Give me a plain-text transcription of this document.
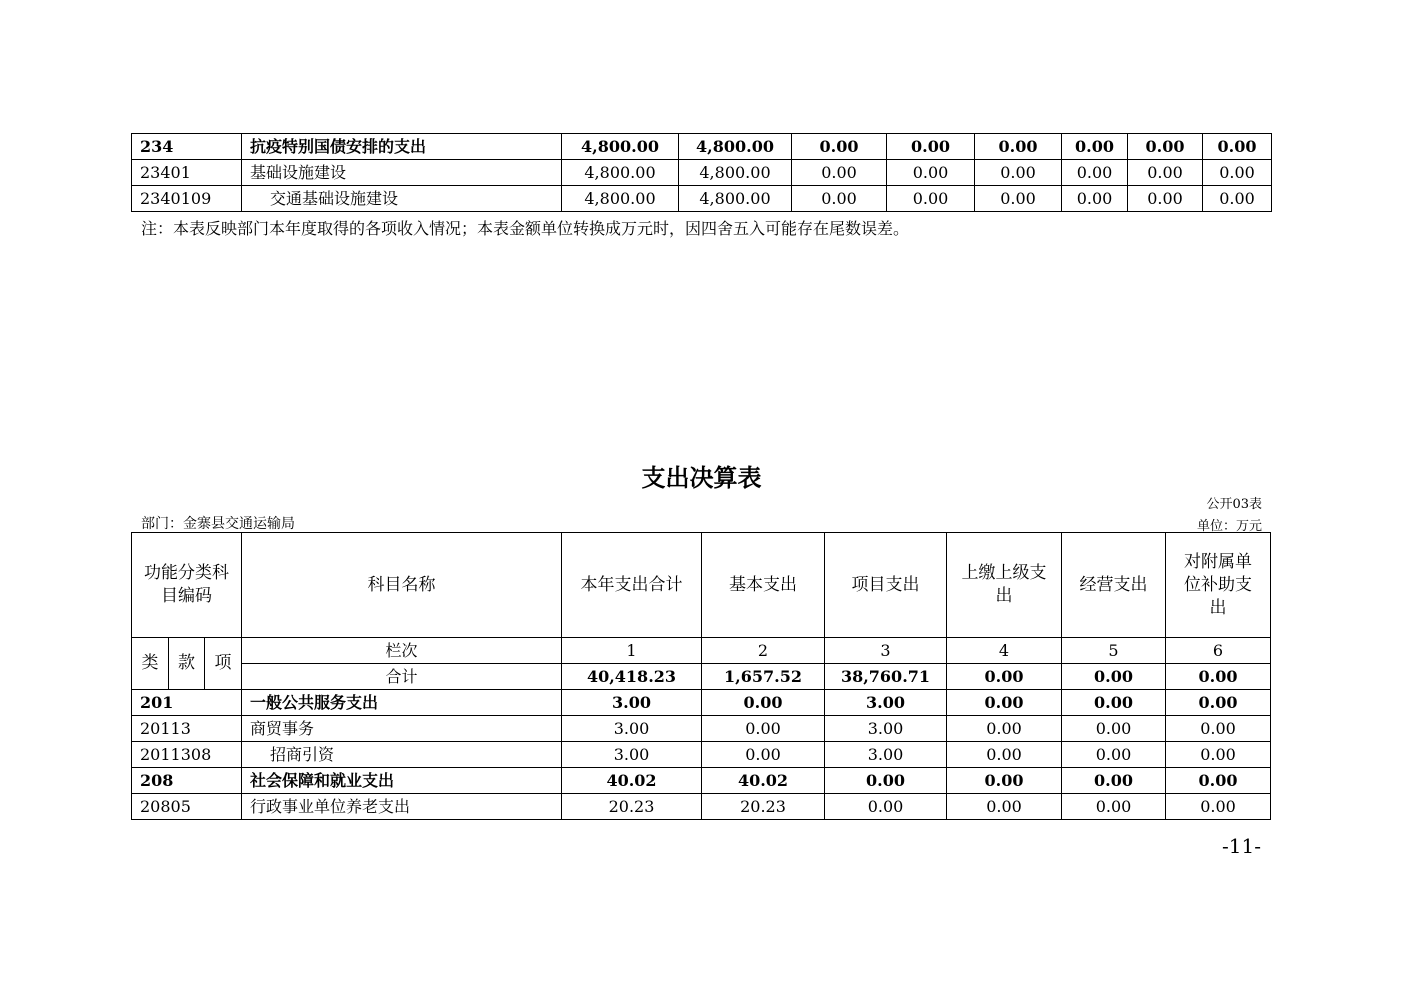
234	抗疫特别国债安排的支出	4,800.00	4,800.00	0.00	0.00	0.00	0.00	0.00	0.00
23401	基础设施建设	4,800.00	4,800.00	0.00	0.00	0.00	0.00	0.00	0.00
2340109	交通基础设施建设	4,800.00	4,800.00	0.00	0.00	0.00	0.00	0.00	0.00
注：本表反映部门本年度取得的各项收入情况；本表金额单位转换成万元时，因四舍五入可能存在尾数误差。
支出决算表
公开03表
部门：金寨县交通运输局	单位：万元
功能分类科目编码			科目名称	本年支出合计	基本支出	项目支出	上缴上级支出	经营支出	对附属单位补助支出
类	款	项	栏次	1	2	3	4	5	6
			合计	40,418.23	1,657.52	38,760.71	0.00	0.00	0.00
201			一般公共服务支出	3.00	0.00	3.00	0.00	0.00	0.00
20113			商贸事务	3.00	0.00	3.00	0.00	0.00	0.00
2011308			招商引资	3.00	0.00	3.00	0.00	0.00	0.00
208			社会保障和就业支出	40.02	40.02	0.00	0.00	0.00	0.00
20805			行政事业单位养老支出	20.23	20.23	0.00	0.00	0.00	0.00
-11-
